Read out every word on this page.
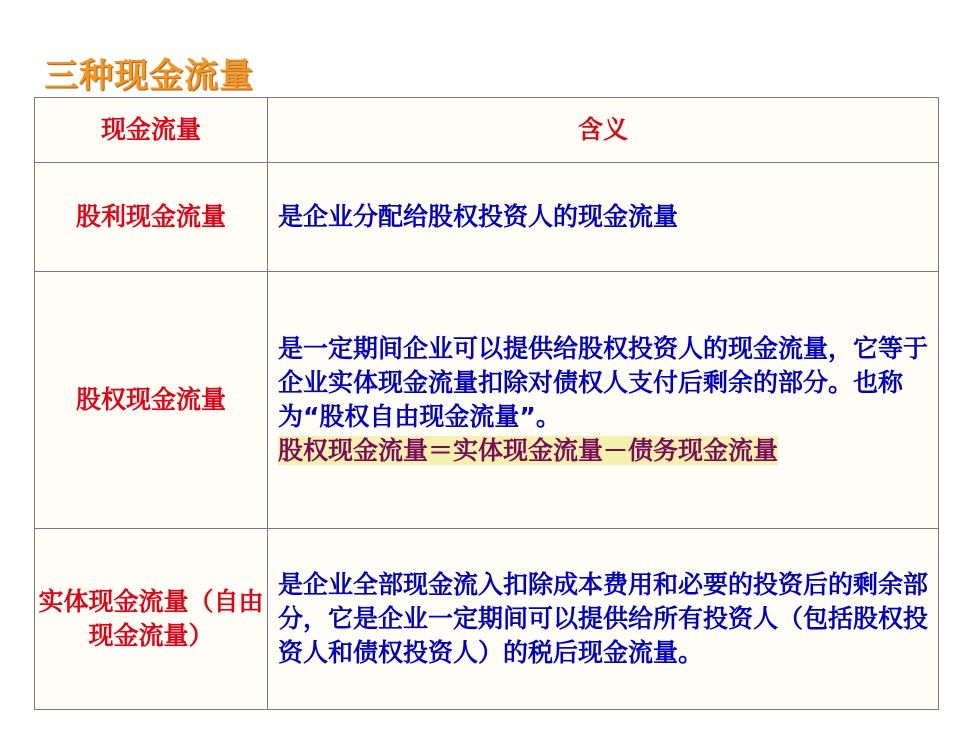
三种现金流量
现金流量	含义
股利现金流量	是企业分配给股权投资人的现金流量
股权现金流量	是一定期间企业可以提供给股权投资人的现金流量，它等于企业实体现金流量扣除对债权人支付后剩余的部分。也称为“股权自由现金流量”。
股权现金流量＝实体现金流量－债务现金流量

实体现金流量（自由现金流量）	是企业全部现金流入扣除成本费用和必要的投资后的剩余部分，它是企业一定期间可以提供给所有投资人（包括股权投资人和债权投资人）的税后现金流量。
